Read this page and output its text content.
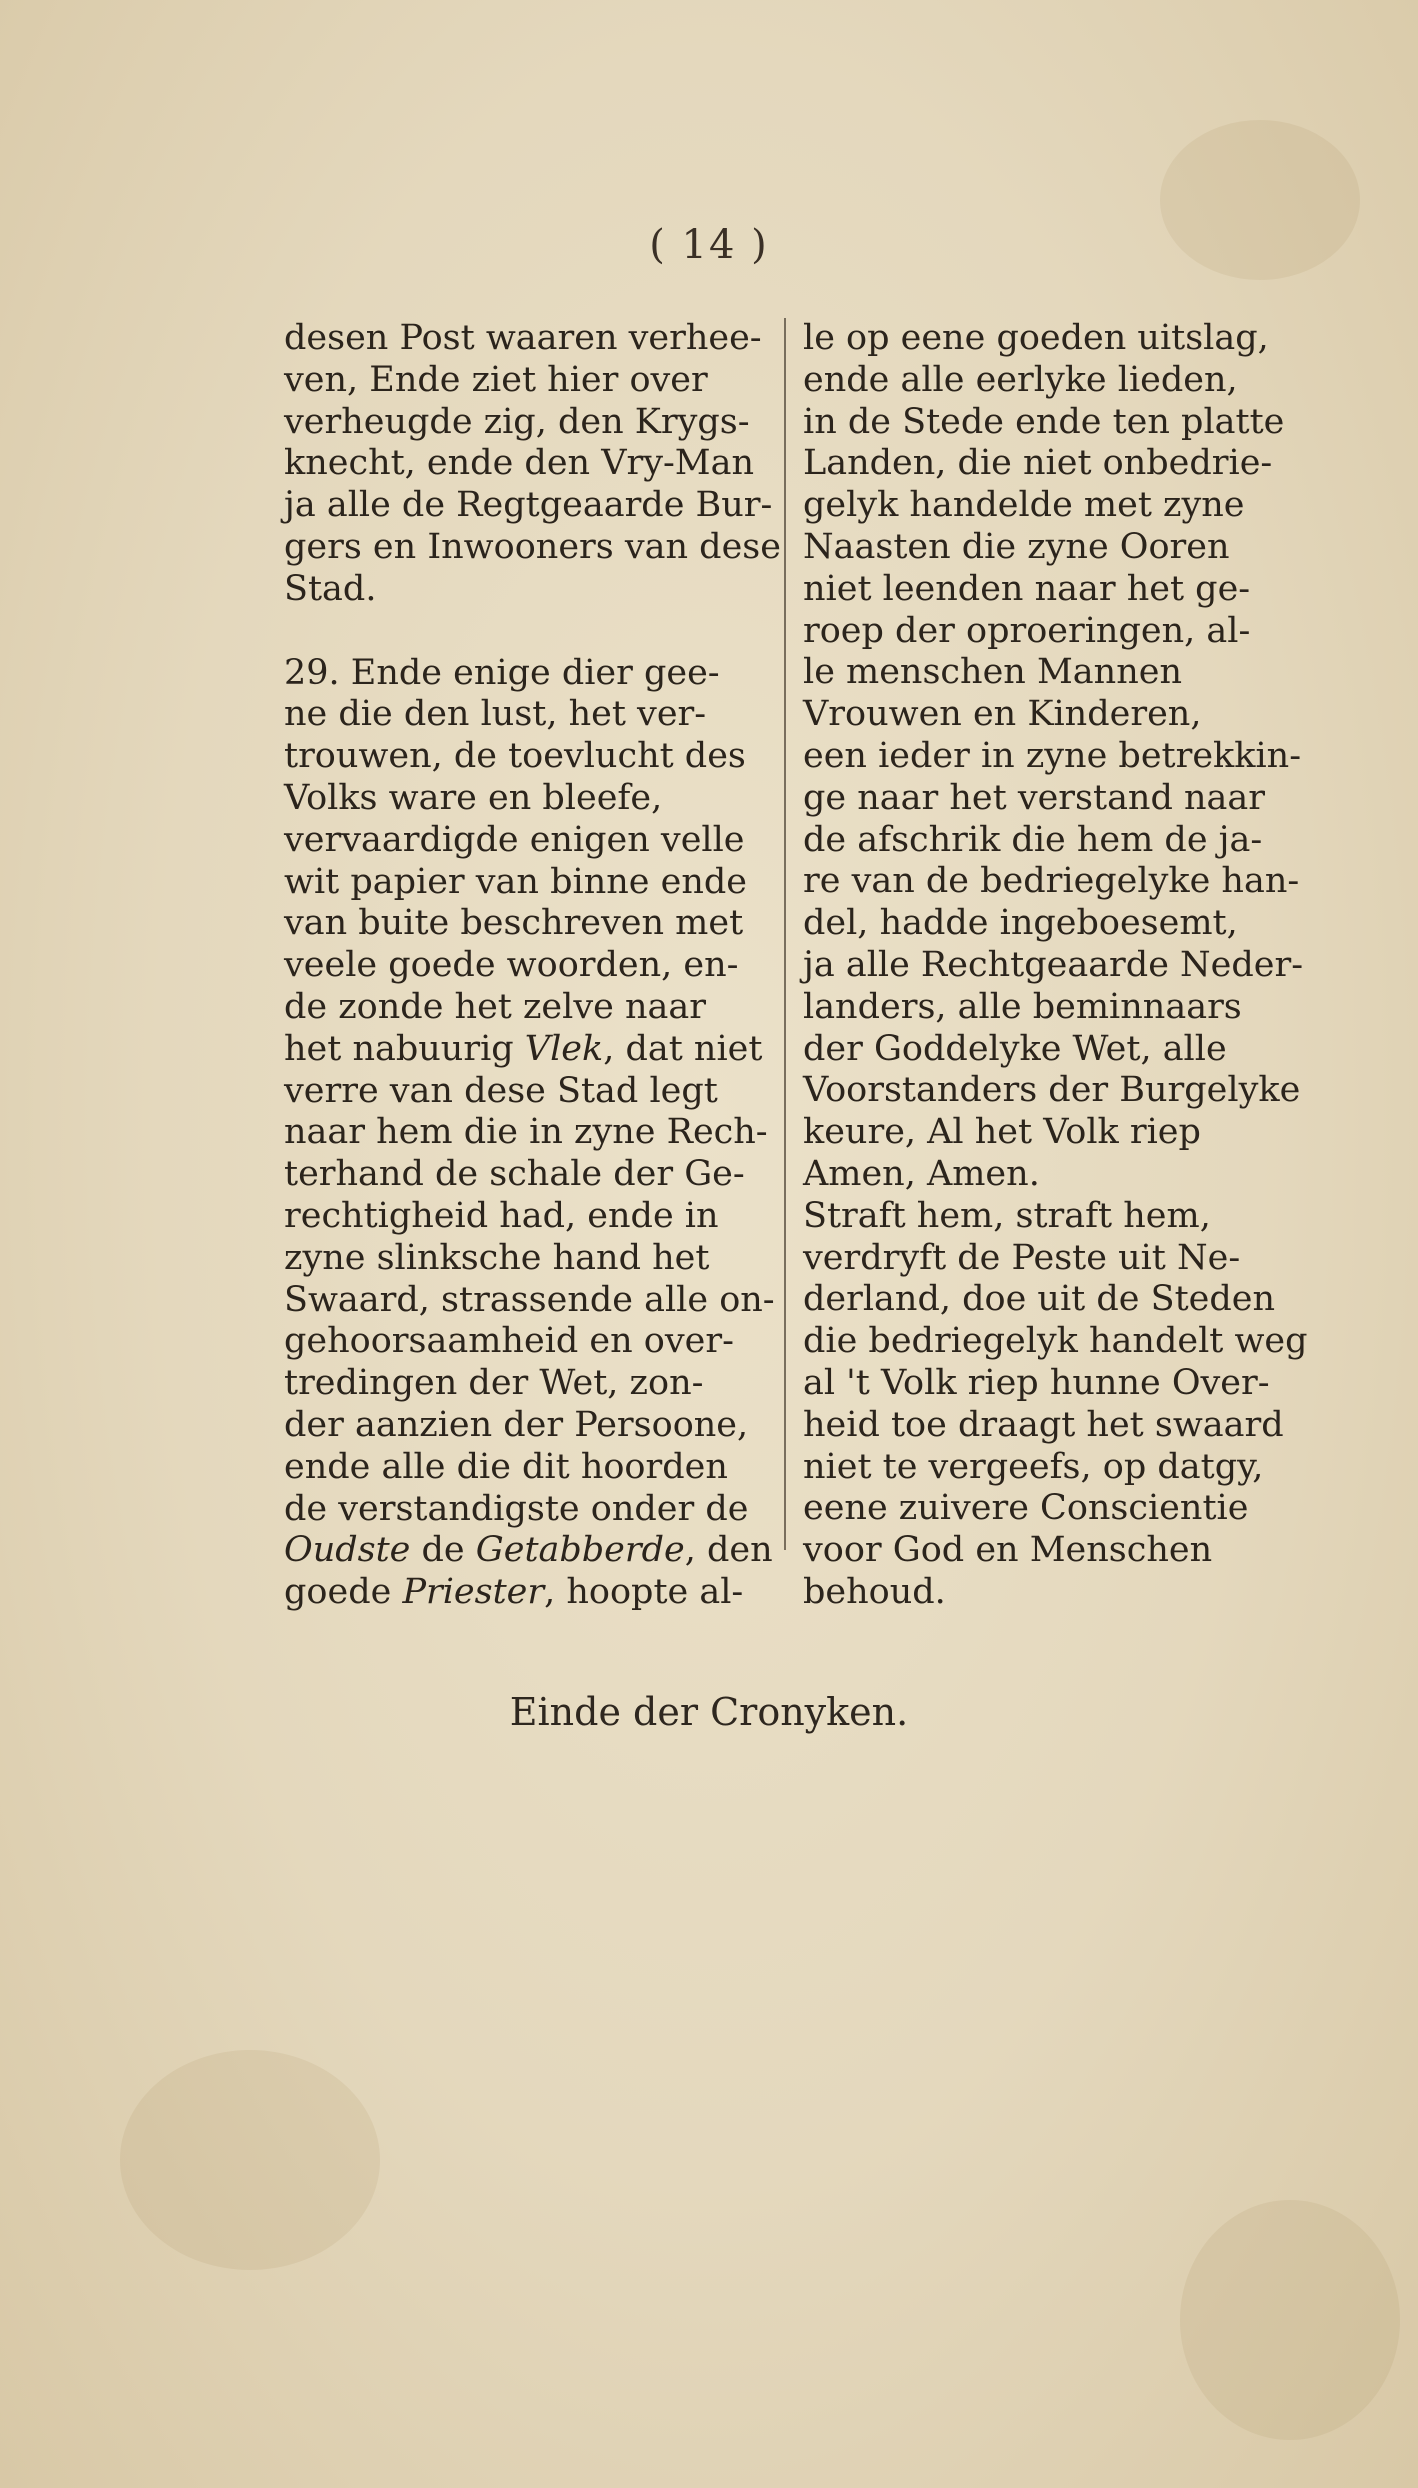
( 14 )
desen Post waaren verhee-
ven, Ende ziet hier over
verheugde zig, den Krygs-
knecht, ende den Vry-Man
ja alle de Regtgeaarde Bur-
gers en Inwooners van dese
Stad.
29. Ende enige dier gee-
ne die den lust, het ver-
trouwen, de toevlucht des
Volks ware en bleefe,
vervaardigde enigen velle
wit papier van binne ende
van buite beschreven met
veele goede woorden, en-
de zonde het zelve naar
het nabuurig Vlek, dat niet
verre van dese Stad legt
naar hem die in zyne Rech-
terhand de schale der Ge-
rechtigheid had, ende in
zyne slinksche hand het
Swaard, strassende alle on-
gehoorsaamheid en over-
tredingen der Wet, zon-
der aanzien der Persoone,
ende alle die dit hoorden
de verstandigste onder de
Oudste de Getabberde, den
goede Priester, hoopte al-
le op eene goeden uitslag,
ende alle eerlyke lieden,
in de Stede ende ten platte
Landen, die niet onbedrie-
gelyk handelde met zyne
Naasten die zyne Ooren
niet leenden naar het ge-
roep der oproeringen, al-
le menschen Mannen
Vrouwen en Kinderen,
een ieder in zyne betrekkin-
ge naar het verstand naar
de afschrik die hem de ja-
re van de bedriegelyke han-
del, hadde ingeboesemt,
ja alle Rechtgeaarde Neder-
landers, alle beminnaars
der Goddelyke Wet, alle
Voorstanders der Burgelyke
keure, Al het Volk riep
Amen, Amen.
Straft hem, straft hem,
verdryft de Peste uit Ne-
derland, doe uit de Steden
die bedriegelyk handelt weg
al 't Volk riep hunne Over-
heid toe draagt het swaard
niet te vergeefs, op datgy,
eene zuivere Conscientie
voor God en Menschen
behoud.
Einde der Cronyken.
